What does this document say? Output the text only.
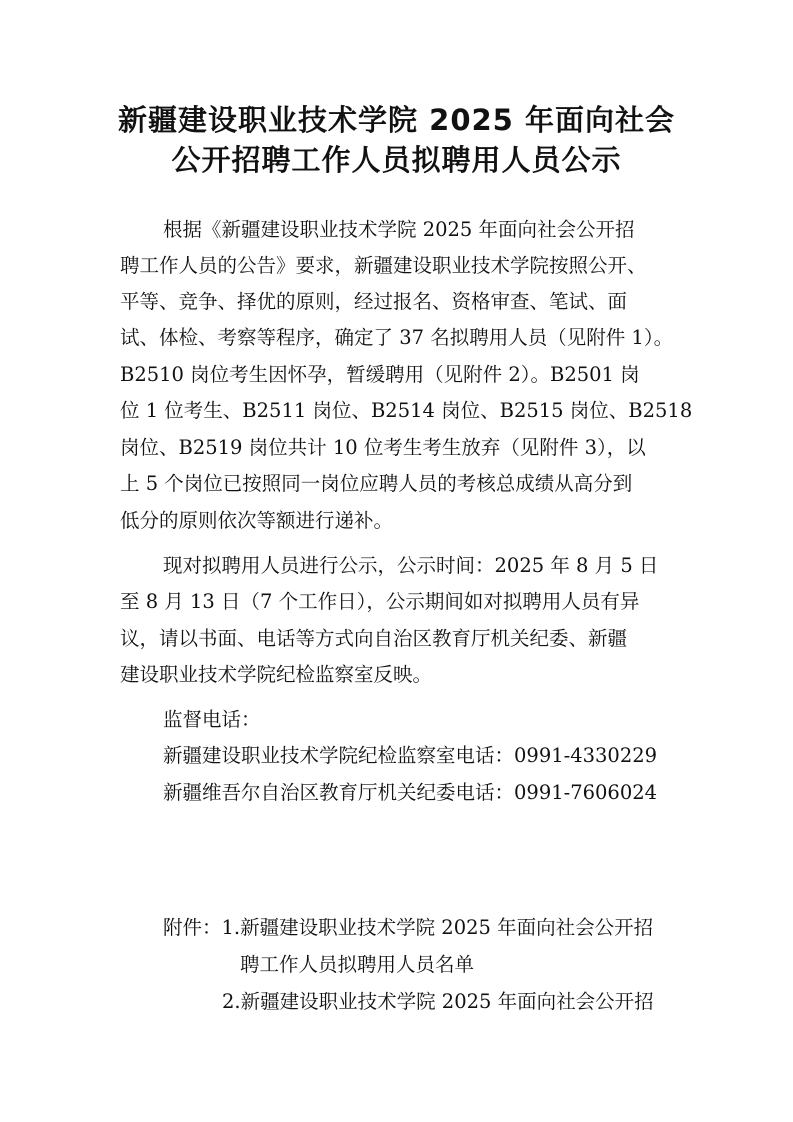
新疆建设职业技术学院 2025 年面向社会
公开招聘工作人员拟聘用人员公示
根据《新疆建设职业技术学院 2025 年面向社会公开招
聘工作人员的公告》要求，新疆建设职业技术学院按照公开、
平等、竞争、择优的原则，经过报名、资格审查、笔试、面
试、体检、考察等程序，确定了 37 名拟聘用人员（见附件 1）。
B2510 岗位考生因怀孕，暂缓聘用（见附件 2）。B2501 岗
位 1 位考生、B2511 岗位、B2514 岗位、B2515 岗位、B2518
岗位、B2519 岗位共计 10 位考生考生放弃（见附件 3），以
上 5 个岗位已按照同一岗位应聘人员的考核总成绩从高分到
低分的原则依次等额进行递补。
现对拟聘用人员进行公示，公示时间：2025 年 8 月 5 日
至 8 月 13 日（7 个工作日），公示期间如对拟聘用人员有异
议，请以书面、电话等方式向自治区教育厅机关纪委、新疆
建设职业技术学院纪检监察室反映。
监督电话：
新疆建设职业技术学院纪检监察室电话：0991-4330229
新疆维吾尔自治区教育厅机关纪委电话：0991-7606024
附件：1.新疆建设职业技术学院 2025 年面向社会公开招
聘工作人员拟聘用人员名单
2.新疆建设职业技术学院 2025 年面向社会公开招
